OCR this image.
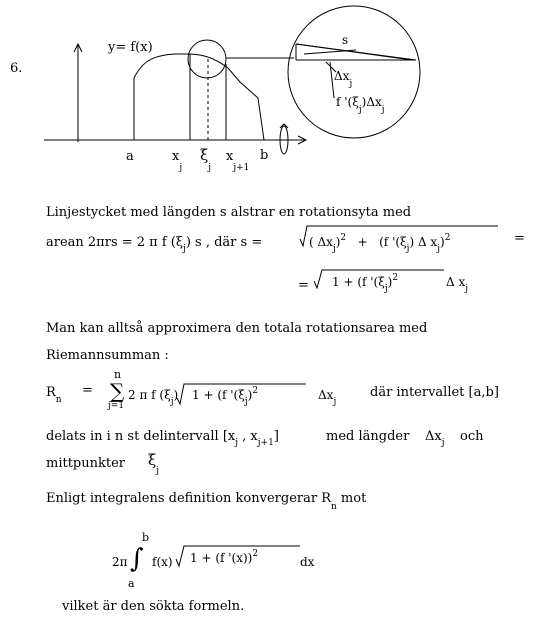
6.
y= f(x)
a	$x_j$
$\xi_j$
$x_{j+1}$
b
s
$\Delta x_j$
f '$(\xi_j)\Delta x_j$
Linjestycket med längden s alstrar en rotationsyta med
arean 2πrs = 2 π f $(\xi_j)$ s , där s =	( $\Delta x_j)^2 + (f$ '$(\xi_j)$ Δ $x_j)^2$	=
= 1 + (f '$(\xi_j)^2$	Δ $x_j$
Man kan alltså approximera den totala rotationsarea med
Riemannsumman :
$R_n$
=
n
∑
j=1
2 π f $(\xi_j) 1 + (f$ '$(\xi_j)^2$	$\Delta x_j$
där intervallet [a,b]
delats in i n st delintervall [$x_j$ , $x_{j+1}$]	med längder $\Delta x_j$ och
mittpunkter $\xi_j$
Enligt integralens definition konvergerar $R_n$ mot
b
2π ∫
a
f(x) 1 + (f '(x))$^2$
dx
vilket är den sökta formeln.
